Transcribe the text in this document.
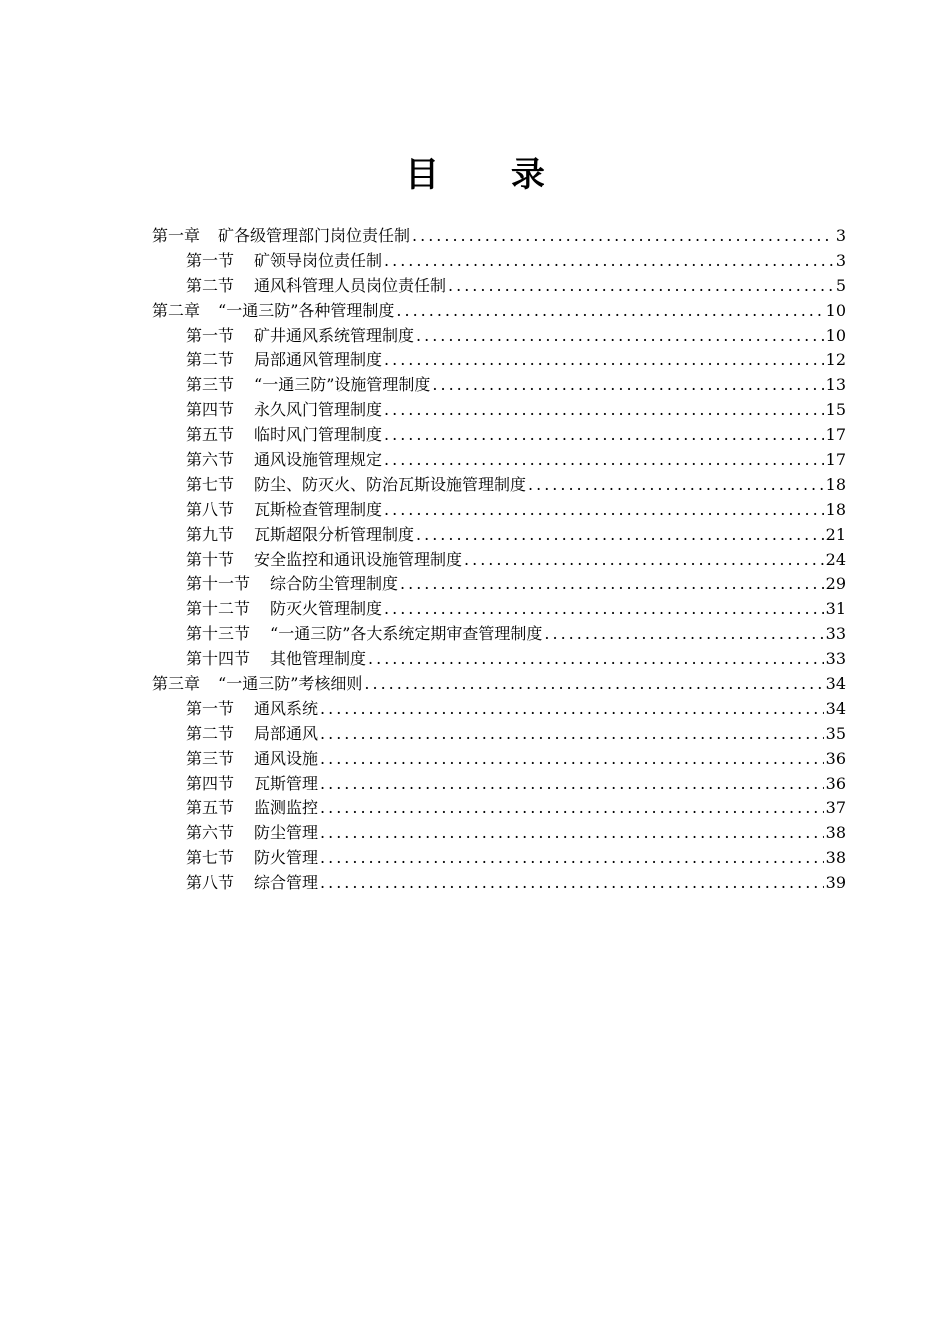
目 录
第一章 矿各级管理部门岗位责任制 .....	3
第一节 矿领导岗位责任制 .....	3
第二节 通风科管理人员岗位责任制 .....	5
第二章 “一通三防”各种管理制度 .....	10
第一节 矿井通风系统管理制度 .....	10
第二节 局部通风管理制度 .....	12
第三节 “一通三防”设施管理制度 .....	13
第四节 永久风门管理制度 .....	15
第五节 临时风门管理制度 .....	17
第六节 通风设施管理规定 .....	17
第七节 防尘、防灭火、防治瓦斯设施管理制度 .....	18
第八节 瓦斯检查管理制度 .....	18
第九节 瓦斯超限分析管理制度 .....	21
第十节 安全监控和通讯设施管理制度 .....	24
第十一节 综合防尘管理制度 .....	29
第十二节 防灭火管理制度 .....	31
第十三节 “一通三防”各大系统定期审查管理制度 .....	33
第十四节 其他管理制度 .....	33
第三章 “一通三防”考核细则 .....	34
第一节 通风系统 .....	34
第二节 局部通风 .....	35
第三节 通风设施 .....	36
第四节 瓦斯管理 .....	36
第五节 监测监控 .....	37
第六节 防尘管理 .....	38
第七节 防火管理 .....	38
第八节 综合管理 .....	39
